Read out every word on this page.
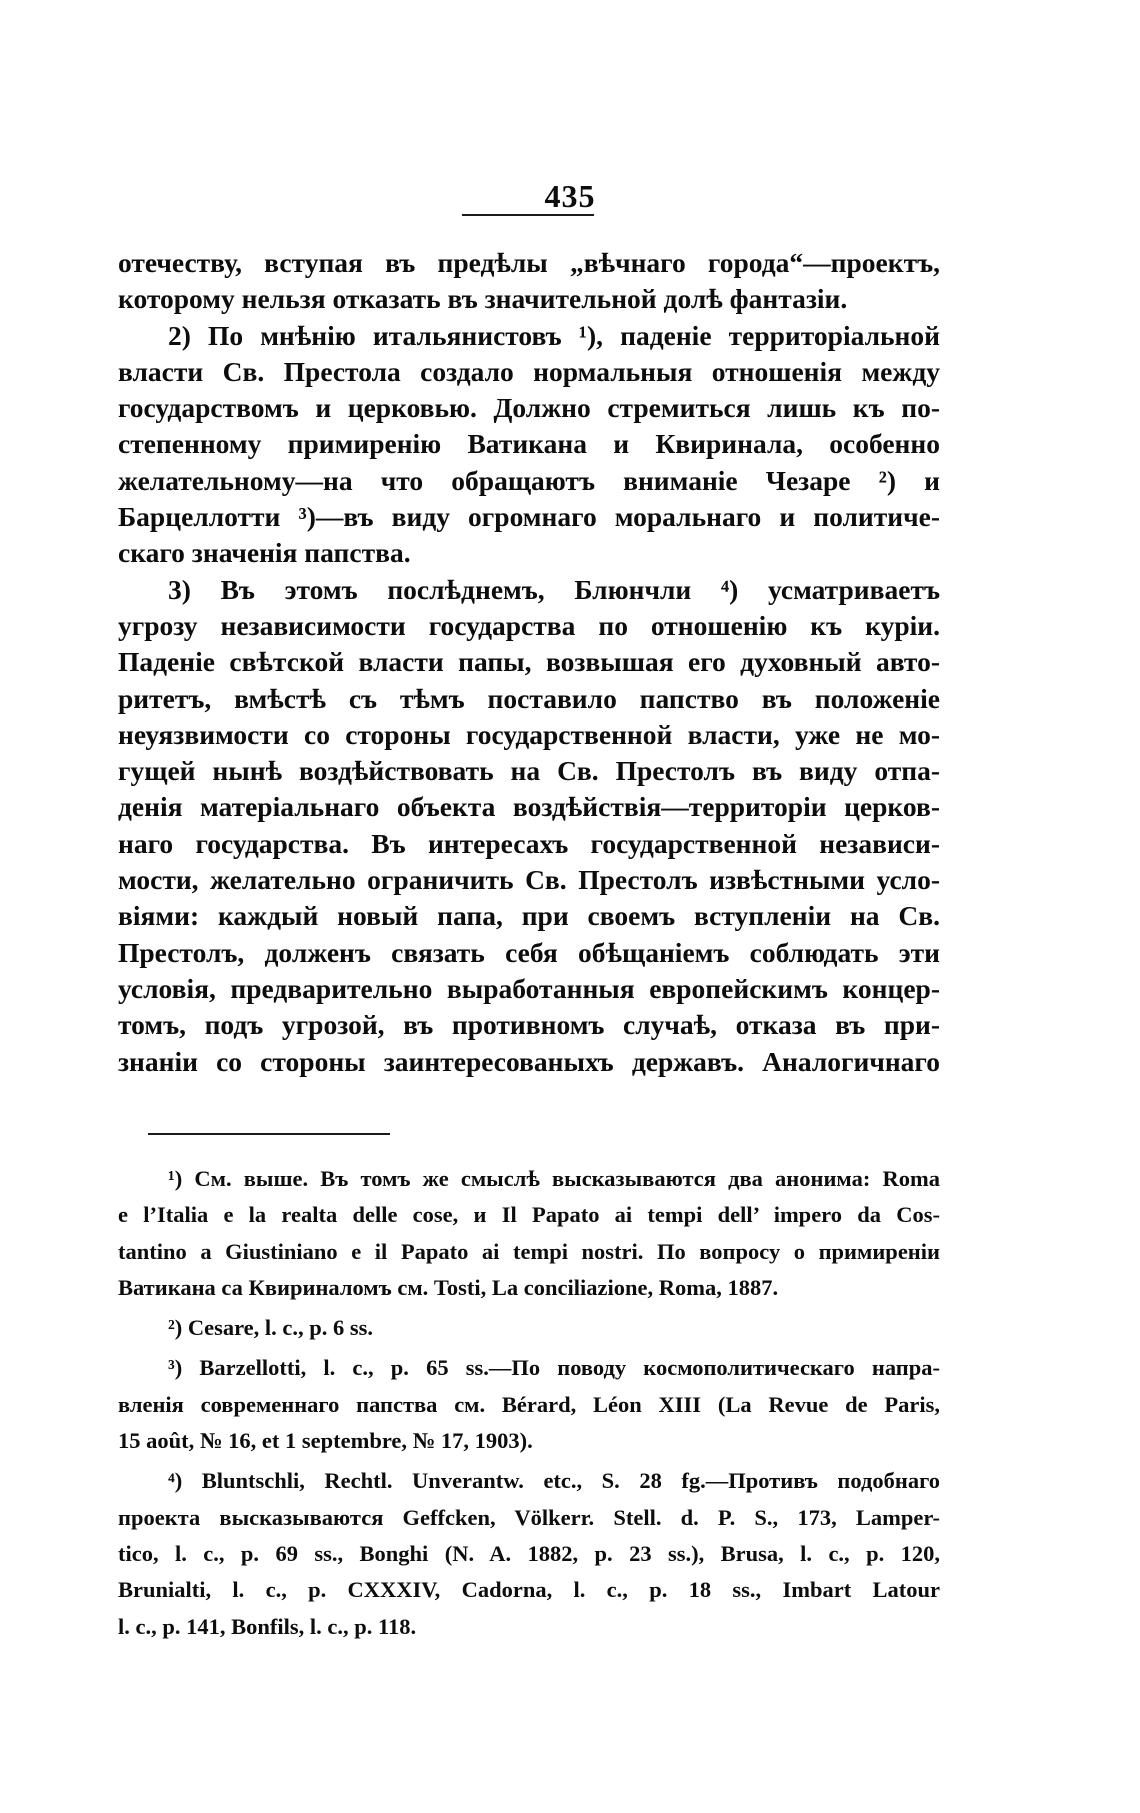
435
отечеству, вступая въ предѣлы „вѣчнаго города“—проектъ,
которому нельзя отказать въ значительной долѣ фантазіи.
2) По мнѣнію итальянистовъ ¹), паденіе территоріальной
власти Св. Престола создало нормальныя отношенія между
государствомъ и церковью. Должно стремиться лишь къ по-
степенному примиренію Ватикана и Квиринала, особенно
желательному—на что обращаютъ вниманіе Чезаре ²) и
Барцеллотти ³)—въ виду огромнаго моральнаго и политиче-
скаго значенія папства.
3) Въ этомъ послѣднемъ, Блюнчли ⁴) усматриваетъ
угрозу независимости государства по отношенію къ куріи.
Паденіе свѣтской власти папы, возвышая его духовный авто-
ритетъ, вмѣстѣ съ тѣмъ поставило папство въ положеніе
неуязвимости со стороны государственной власти, уже не мо-
гущей нынѣ воздѣйствовать на Св. Престолъ въ виду отпа-
денія матеріальнаго объекта воздѣйствія—территоріи церков-
наго государства. Въ интересахъ государственной независи-
мости, желательно ограничить Св. Престолъ извѣстными усло-
віями: каждый новый папа, при своемъ вступленіи на Св.
Престолъ, долженъ связать себя обѣщаніемъ соблюдать эти
условія, предварительно выработанныя европейскимъ концер-
томъ, подъ угрозой, въ противномъ случаѣ, отказа въ при-
знаніи со стороны заинтересованыхъ державъ. Аналогичнаго
¹) См. выше. Въ томъ же смыслѣ высказываются два анонима: Roma
e l’Italia e la realta delle cose, и Il Papato ai tempi dell’ impero da Cos-
tantino a Giustiniano e il Papato ai tempi nostri. По вопросу о примиреніи
Ватикана са Квириналомъ см. Tosti, La conciliazione, Roma, 1887.
²) Cesare, l. c., p. 6 ss.
³) Barzellotti, l. c., p. 65 ss.—По поводу космополитическаго напра-
вленія современнаго папства см. Bérard, Léon XIII (La Revue de Paris,
15 août, № 16, et 1 septembre, № 17, 1903).
⁴) Bluntschli, Rechtl. Unverantw. etc., S. 28 fg.—Противъ подобнаго
проекта высказываются Geffcken, Völkerr. Stell. d. P. S., 173, Lamper-
tico, l. c., p. 69 ss., Bonghi (N. A. 1882, p. 23 ss.), Brusa, l. c., p. 120,
Brunialti, l. c., p. CXXXIV, Cadorna, l. c., p. 18 ss., Imbart Latour
l. c., p. 141, Bonfils, l. c., p. 118.
